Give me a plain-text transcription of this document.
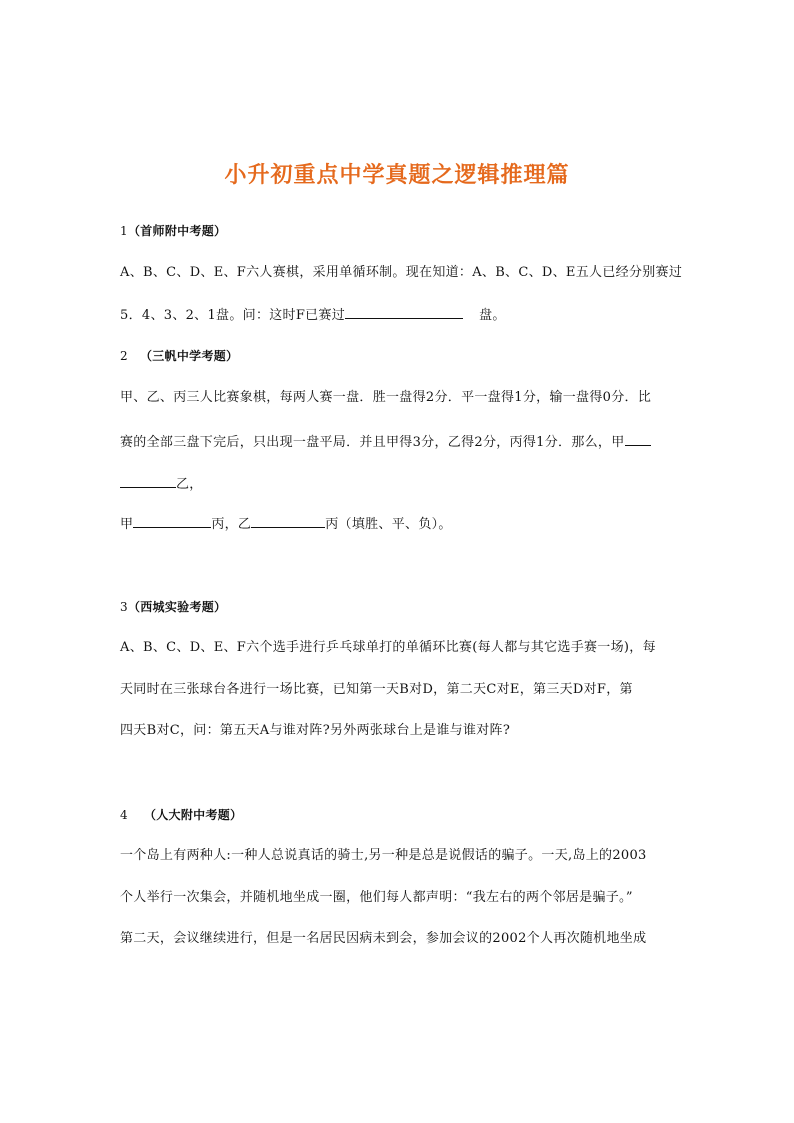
小升初重点中学真题之逻辑推理篇
1（首师附中考题）
A、B、C、D、E、F六人赛棋，采用单循环制。现在知道：A、B、C、D、E五人已经分别赛过
5．4、3、2、1盘。问：这时F已赛过	盘。
2 （三帆中学考题）
甲、乙、丙三人比赛象棋，每两人赛一盘．胜一盘得2分．平一盘得1分，输一盘得0分．比
赛的全部三盘下完后，只出现一盘平局．并且甲得3分，乙得2分，丙得1分．那么，甲
乙，
甲	丙，乙	丙（填胜、平、负）。
3（西城实验考题）
A、B、C、D、E、F六个选手进行乒乓球单打的单循环比赛(每人都与其它选手赛一场)，每
天同时在三张球台各进行一场比赛，已知第一天B对D，第二天C对E，第三天D对F，第
四天B对C，问：第五天A与谁对阵?另外两张球台上是谁与谁对阵?
4 （人大附中考题）
一个岛上有两种人:一种人总说真话的骑士,另一种是总是说假话的骗子。一天,岛上的2003
个人举行一次集会，并随机地坐成一圈，他们每人都声明：“我左右的两个邻居是骗子。”
第二天，会议继续进行，但是一名居民因病未到会，参加会议的2002个人再次随机地坐成
